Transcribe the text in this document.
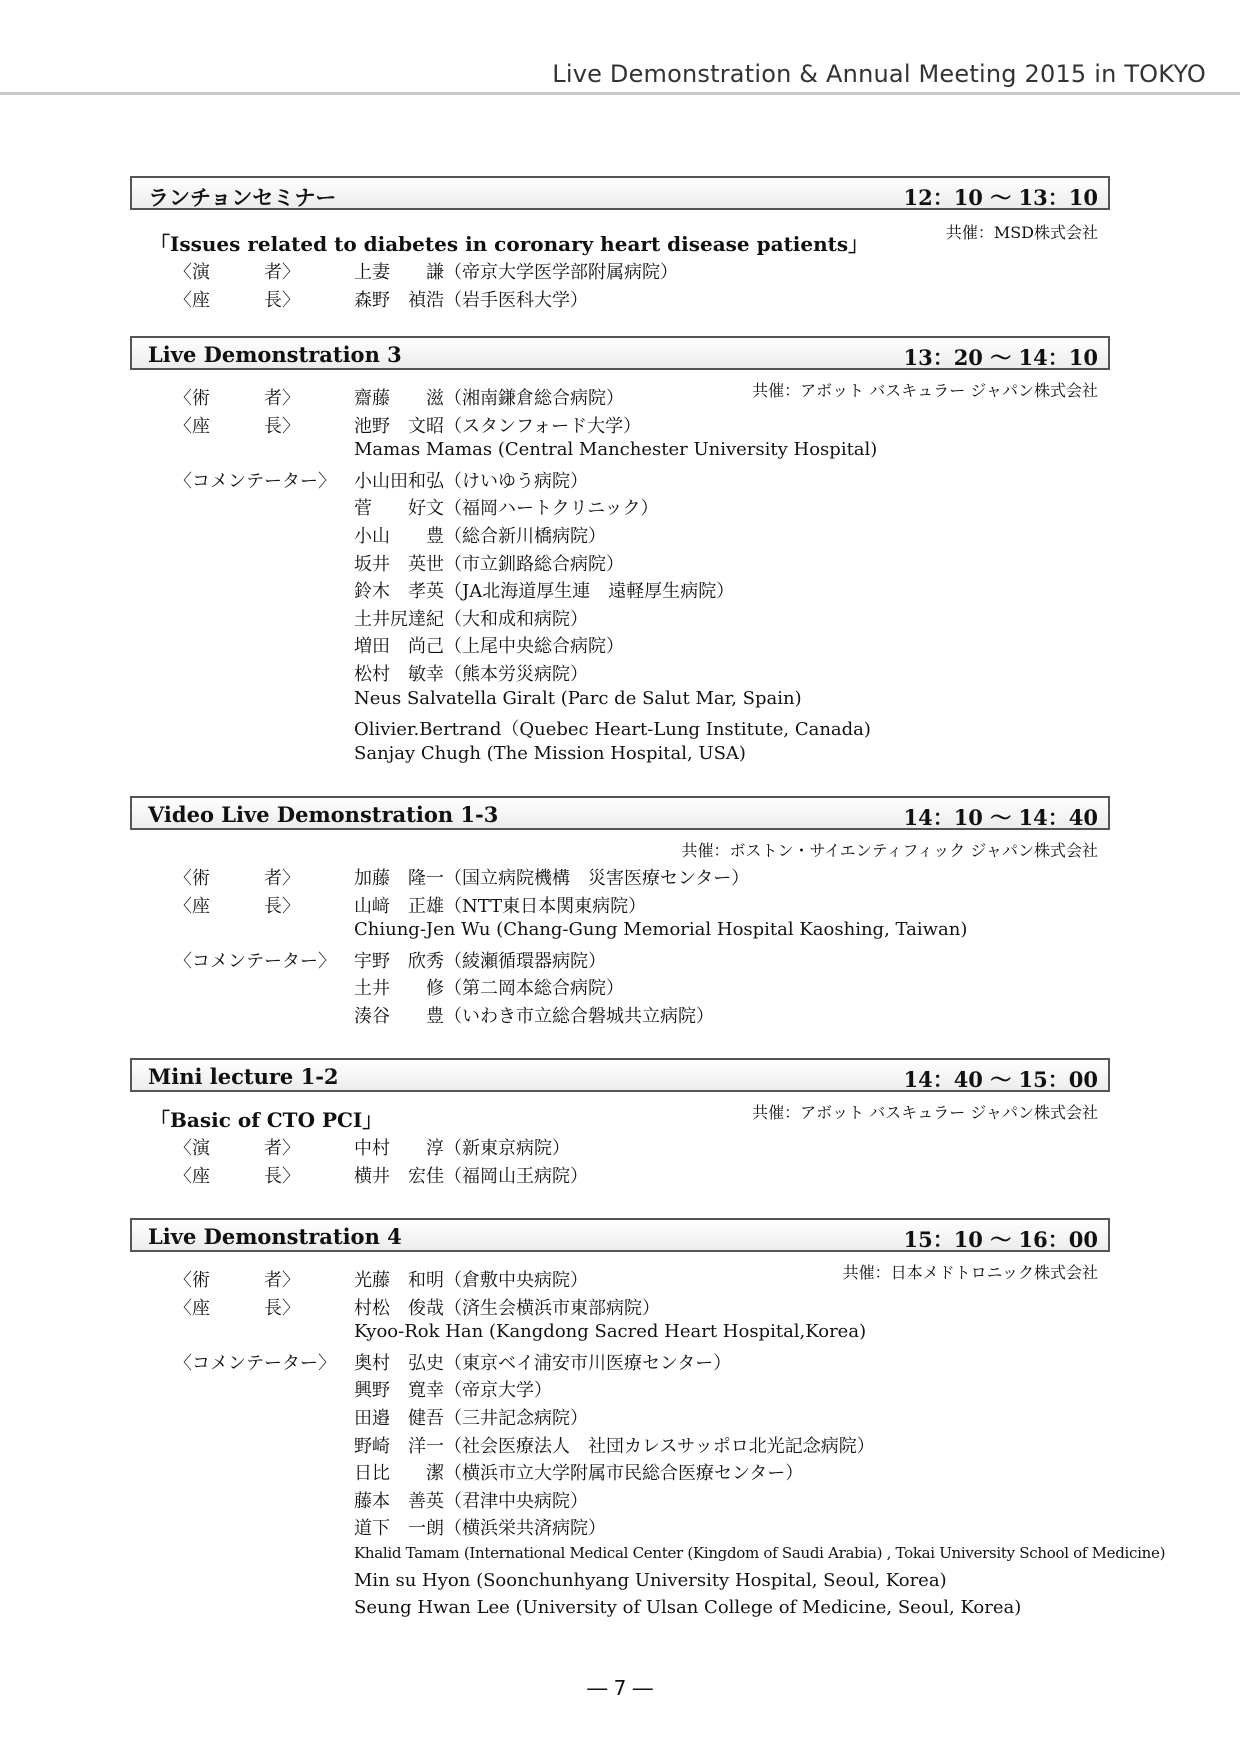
Live Demonstration & Annual Meeting 2015 in TOKYO
ランチョンセミナー	12：10 ～ 13：10
共催：MSD株式会社
「Issues related to diabetes in coronary heart disease patients」
〈演　　　者〉	上妻　　謙（帝京大学医学部附属病院）
〈座　　　長〉	森野　禎浩（岩手医科大学）
Live Demonstration 3	13：20 ～ 14：10
共催：アボット バスキュラー ジャパン株式会社
〈術　　　者〉	齋藤　　滋（湘南鎌倉総合病院）
〈座　　　長〉	池野　文昭（スタンフォード大学）
Mamas Mamas (Central Manchester University Hospital)
〈コメンテーター〉 小山田和弘（けいゆう病院）
菅　　好文（福岡ハートクリニック）
小山　　豊（総合新川橋病院）
坂井　英世（市立釧路総合病院）
鈴木　孝英（JA北海道厚生連　遠軽厚生病院）
土井尻達紀（大和成和病院）
増田　尚己（上尾中央総合病院）
松村　敏幸（熊本労災病院）
Neus Salvatella Giralt (Parc de Salut Mar, Spain)
Olivier.Bertrand（Quebec Heart-Lung Institute, Canada)
Sanjay Chugh (The Mission Hospital, USA)
Video Live Demonstration 1-3	14：10 ～ 14：40
共催：ボストン・サイエンティフィック ジャパン株式会社
〈術　　　者〉	加藤　隆一（国立病院機構　災害医療センター）
〈座　　　長〉	山﨑　正雄（NTT東日本関東病院）
Chiung-Jen Wu (Chang-Gung Memorial Hospital Kaoshing, Taiwan)
〈コメンテーター〉 宇野　欣秀（綾瀬循環器病院）
土井　　修（第二岡本総合病院）
湊谷　　豊（いわき市立総合磐城共立病院）
Mini lecture 1-2	14：40 ～ 15：00
共催：アボット バスキュラー ジャパン株式会社
「Basic of CTO PCI」
〈演　　　者〉	中村　　淳（新東京病院）
〈座　　　長〉	横井　宏佳（福岡山王病院）
Live Demonstration 4	15：10 ～ 16：00
共催：日本メドトロニック株式会社
〈術　　　者〉	光藤　和明（倉敷中央病院）
〈座　　　長〉	村松　俊哉（済生会横浜市東部病院）
Kyoo-Rok Han (Kangdong Sacred Heart Hospital,Korea)
〈コメンテーター〉 奥村　弘史（東京ベイ浦安市川医療センター）
興野　寛幸（帝京大学）
田邉　健吾（三井記念病院）
野崎　洋一（社会医療法人　社団カレスサッポロ北光記念病院）
日比　　潔（横浜市立大学附属市民総合医療センター）
藤本　善英（君津中央病院）
道下　一朗（横浜栄共済病院）
Khalid Tamam (International Medical Center (Kingdom of Saudi Arabia) , Tokai University School of Medicine)
Min su Hyon (Soonchunhyang University Hospital, Seoul, Korea)
Seung Hwan Lee (University of Ulsan College of Medicine, Seoul, Korea)
― 7 ―
